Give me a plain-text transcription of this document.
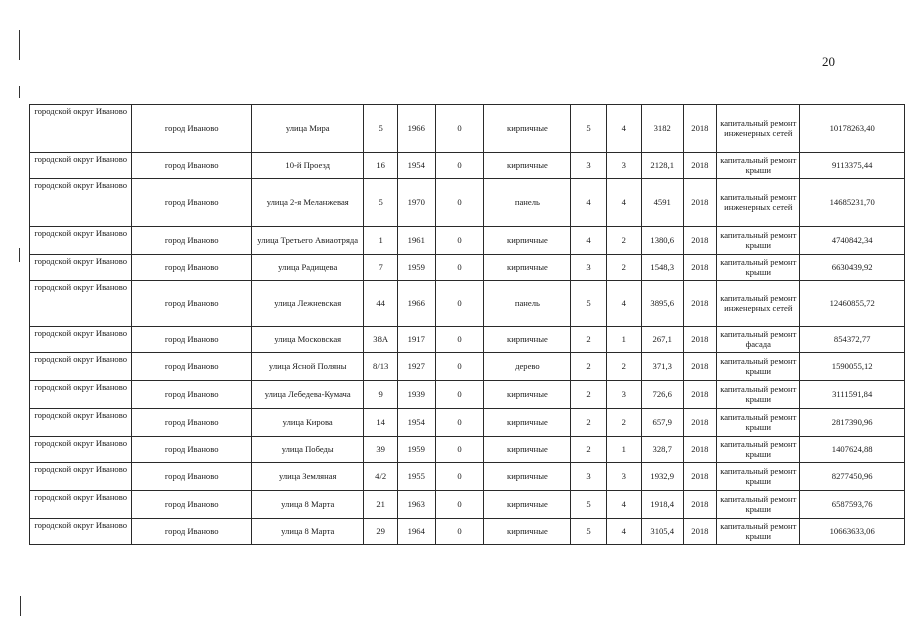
20
городской округ Иваново	город Иваново	улица Мира	5	1966	0	кирпичные	5	4	3182	2018	капитальный ремонт инженерных сетей	10178263,40
городской округ Иваново	город Иваново	10-й Проезд	16	1954	0	кирпичные	3	3	2128,1	2018	капитальный ремонт крыши	9113375,44
городской округ Иваново	город Иваново	улица 2-я Меланжевая	5	1970	0	панель	4	4	4591	2018	капитальный ремонт инженерных сетей	14685231,70
городской округ Иваново	город Иваново	улица Третьего Авиаотряда	1	1961	0	кирпичные	4	2	1380,6	2018	капитальный ремонт крыши	4740842,34
городской округ Иваново	город Иваново	улица Радищева	7	1959	0	кирпичные	3	2	1548,3	2018	капитальный ремонт крыши	6630439,92
городской округ Иваново	город Иваново	улица Лежневская	44	1966	0	панель	5	4	3895,6	2018	капитальный ремонт инженерных сетей	12460855,72
городской округ Иваново	город Иваново	улица Московская	38А	1917	0	кирпичные	2	1	267,1	2018	капитальный ремонт фасада	854372,77
городской округ Иваново	город Иваново	улица Ясной Поляны	8/13	1927	0	дерево	2	2	371,3	2018	капитальный ремонт крыши	1590055,12
городской округ Иваново	город Иваново	улица Лебедева-Кумача	9	1939	0	кирпичные	2	3	726,6	2018	капитальный ремонт крыши	3111591,84
городской округ Иваново	город Иваново	улица Кирова	14	1954	0	кирпичные	2	2	657,9	2018	капитальный ремонт крыши	2817390,96
городской округ Иваново	город Иваново	улица Победы	39	1959	0	кирпичные	2	1	328,7	2018	капитальный ремонт крыши	1407624,88
городской округ Иваново	город Иваново	улица Земляная	4/2	1955	0	кирпичные	3	3	1932,9	2018	капитальный ремонт крыши	8277450,96
городской округ Иваново	город Иваново	улица 8 Марта	21	1963	0	кирпичные	5	4	1918,4	2018	капитальный ремонт крыши	6587593,76
городской округ Иваново	город Иваново	улица 8 Марта	29	1964	0	кирпичные	5	4	3105,4	2018	капитальный ремонт крыши	10663633,06
